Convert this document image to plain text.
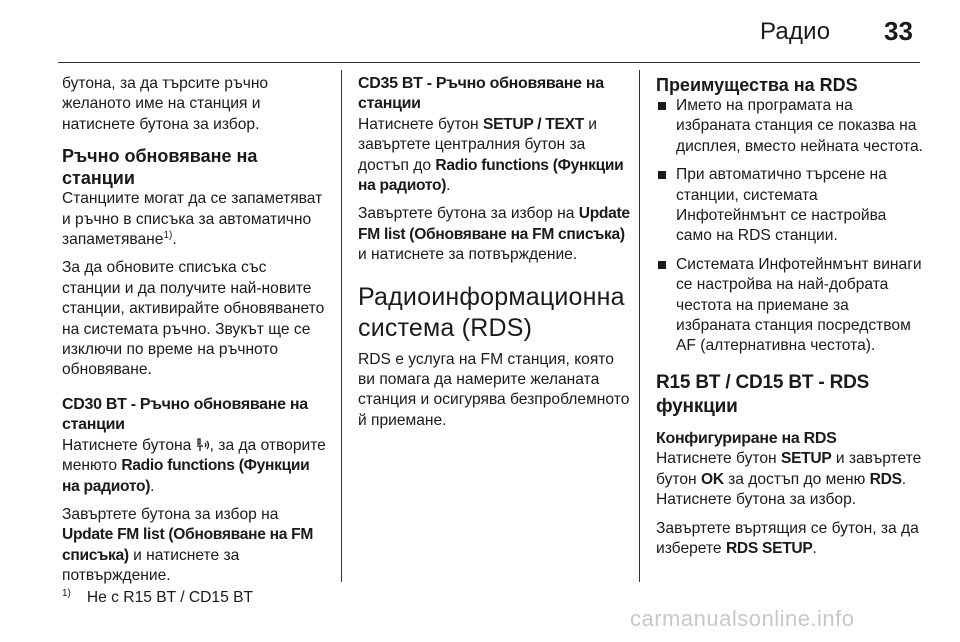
Радио 33

бутона, за да търсите ръчно желаното име на станция и натиснете бутона за избор.

Ръчно обновяване на станции

Станциите могат да се запаметяват и ръчно в списъка за автоматично запаметяване$^{1)}$.

За да обновите списъка със станции и да получите най-новите станции, активирайте обновяването на системата ръчно. Звукът ще се изключи по време на ръчното обновяване.

CD30 BT - Ръчно обновяване на станции

Натиснете бутона , за да отворите менюто Radio functions (Функции на радиото).

Завъртете бутона за избор на Update FM list (Обновяване на FM списъка) и натиснете за потвърждение.

CD35 BT - Ръчно обновяване на станции

Натиснете бутон SETUP / TEXT и завъртете централния бутон за достъп до Radio functions (Функции на радиото).

Завъртете бутона за избор на Update FM list (Обновяване на FM списъка) и натиснете за потвърждение.

Радиоинформационна система (RDS)

RDS е услуга на FM станция, която ви помага да намерите желаната станция и осигурява безпроблемното й приемане.

Преимущества на RDS
Името на програмата на избраната станция се показва на дисплея, вместо нейната честота.
При автоматично търсене на станции, системата Инфотейнмънт се настройва само на RDS станции.
Системата Инфотейнмънт винаги се настройва на най-добрата честота на приемане за избраната станция посредством AF (алтернативна честота).
R15 BT / CD15 BT - RDS функции
Конфигуриране на RDS

Натиснете бутон SETUP и завъртете бутон OK за достъп до меню RDS. Натиснете бутона за избор.

Завъртете въртящия се бутон, за да изберете RDS SETUP.

$^{1)}$ Не с R15 BT / CD15 BT
carmanualsonline.info
